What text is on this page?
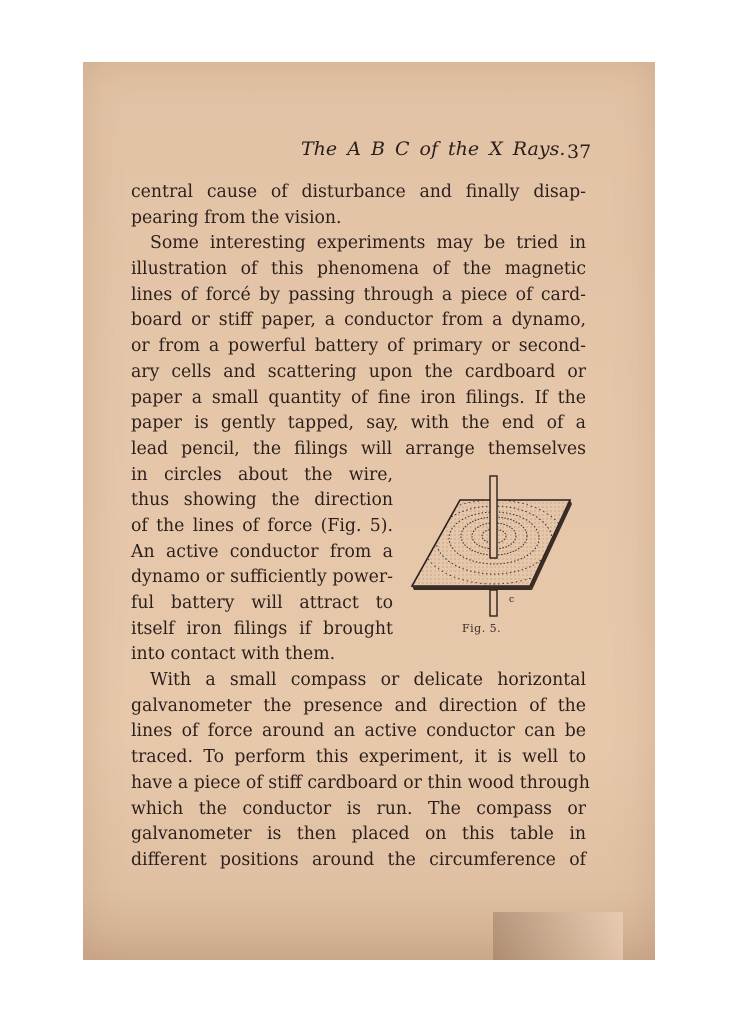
The A B C of the X Rays. 37
central cause of disturbance and finally disap-
pearing from the vision.
Some interesting experiments may be tried in
illustration of this phenomena of the magnetic
lines of forcé by passing through a piece of card-
board or stiff paper, a conductor from a dynamo,
or from a powerful battery of primary or second-
ary cells and scattering upon the cardboard or
paper a small quantity of fine iron filings. If the
paper is gently tapped, say, with the end of a
lead pencil, the filings will arrange themselves
in circles about the wire,
thus showing the direction
of the lines of force (Fig. 5).
An active conductor from a
dynamo or sufficiently power-
ful battery will attract to
itself iron filings if brought
into contact with them.
With a small compass or delicate horizontal
galvanometer the presence and direction of the
lines of force around an active conductor can be
traced. To perform this experiment, it is well to
have a piece of stiff cardboard or thin wood through
which the conductor is run. The compass or
galvanometer is then placed on this table in
different positions around the circumference of
c
Fig. 5.
